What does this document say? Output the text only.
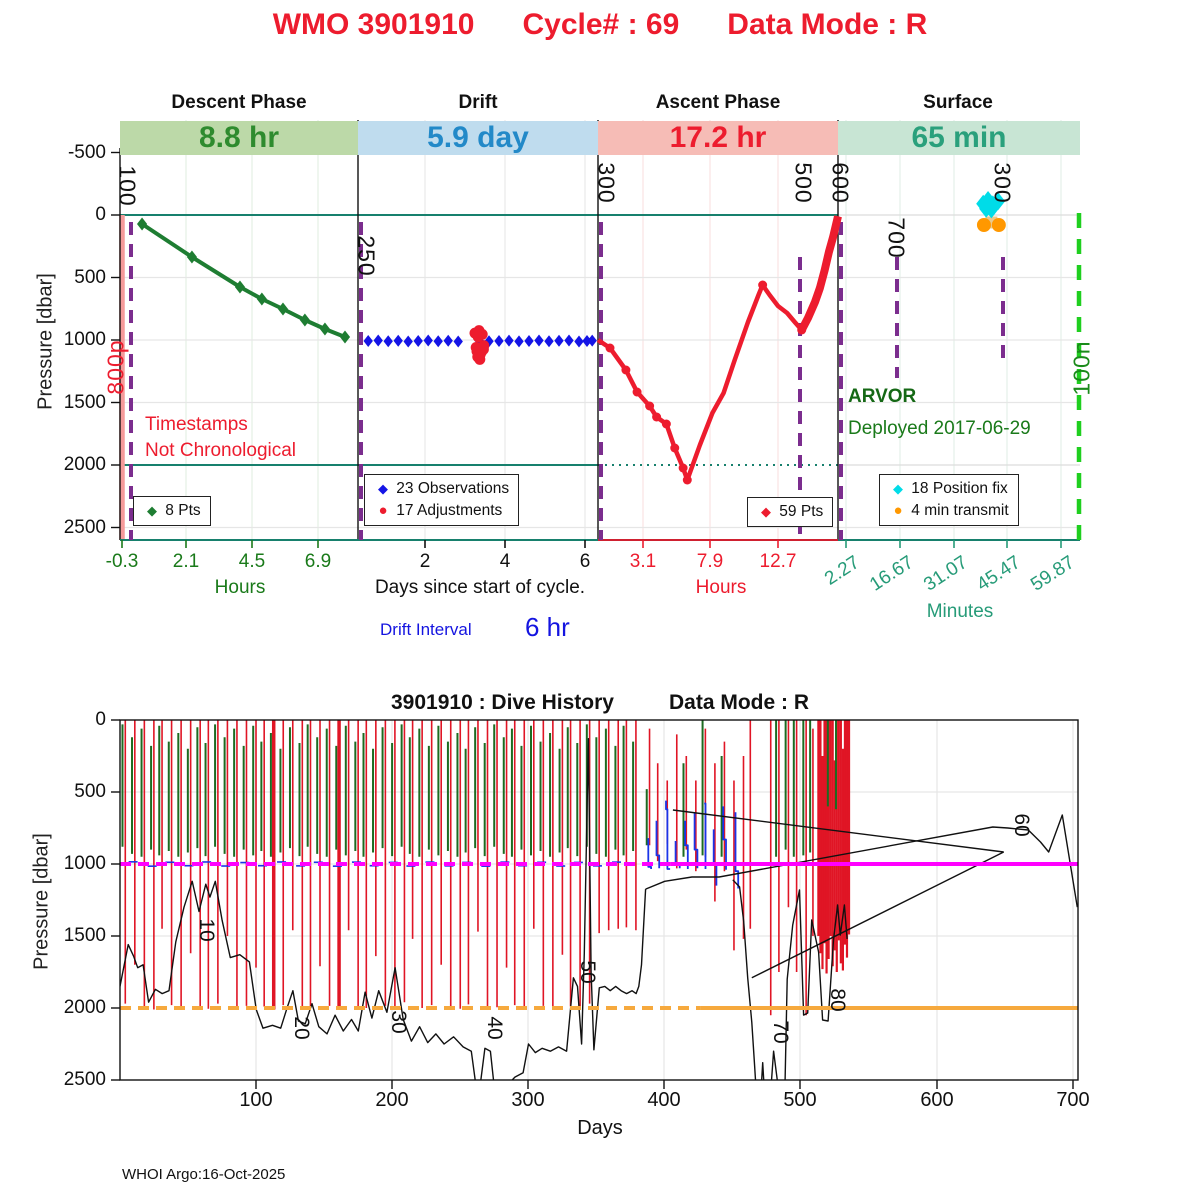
WMO 3901910 Cycle# : 69 Data Mode : R
Descent Phase	Drift	Ascent Phase	Surface
8.8 hr	5.9 day	17.2 hr	65 min
Pressure [dbar]
Pressure [dbar]
Timestamps
Not Chronological
ARVOR
Deployed 2017-06-29
Drift Interval 6 hr
3901910 : Dive History	Data Mode : R
Days
WHOI Argo:16-Oct-2025
-500
0
500
1000
1500
2000
2500
0
500
1000
1500
2000
2500
-0.3 2.1 4.5 6.9
Hours
2	4	6
Days since start of cycle.
3.1 7.9 12.7
Hours	2.27 16.67 31.07 45.47 59.87
Minutes
100	200	300	400	500	600	700
100
250
300	500 600
700
300
800p	100n
10
20	30	40
50
60
70
80
◆ 8 Pts
◆ 23 Observations
● 17 Adjustments	◆ 59 Pts
◆ 18 Position fix
● 4 min transmit
